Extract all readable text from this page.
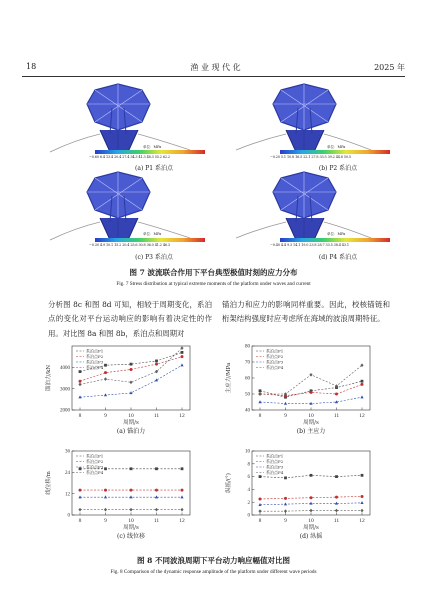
18	渔 业 现 代 化	2025 年
单位：MPa
−0.60 6.4 13.4 20.4 27.4 34.3 41.3 48.3 55.2 62.2
(a) P1 系泊点
单位：MPa
−0.20 5.1 10.8 16.5 22.1 27.8 33.5 39.2 44.8 50.5
(b) P2 系泊点
单位：MPa
−0.30 4.9 10.1 15.2 20.4 25.6 30.8 36.0 41.2 46.3
(c) P3 系泊点
单位：MPa
−0.40 4.4 9.3 14.1 19.0 23.8 28.7 33.5 38.4 43.1
(d) P4 系泊点
图 7 波流联合作用下平台典型极值时刻的应力分布
Fig. 7 Stress distribution at typical extreme moments of the platform under waves and current

分析图 8c 和图 8d 可知，相较于周期变化，系泊点的变化对平台运动响应的影响有着决定性的作用。对比图 8a 和图 8b，系泊点和周期对

锚泊力和应力的影响同样重要。因此，校核锚链和桁架结构强度时应考虑所在海域的波浪周期特征。

2000
3000
4000
8	9	10	11	12
周期/s
锚泊力/kN
(a) 锚泊力
系泊点P1
系泊点P2
系泊点P3
系泊点P4
40
50
60
70
80
8	9	10	11	12
周期/s
主应力/MPa
(b) 主应力
系泊点P1
系泊点P2
系泊点P3
系泊点P4
0
12
24
36
8	9	10	11	12
周期/s
线位移/m
(c) 线位移
系泊点P1
系泊点P2
系泊点P3
系泊点P4
0
2
4
6
8
10
8	9	10	11	12
周期/s
纵摇/(°)
(d) 纵摇
系泊点P1
系泊点P2
系泊点P3
系泊点P4
图 8 不同波浪周期下平台动力响应幅值对比图
Fig. 8 Comparison of the dynamic response amplitude of the platform under different wave periods
